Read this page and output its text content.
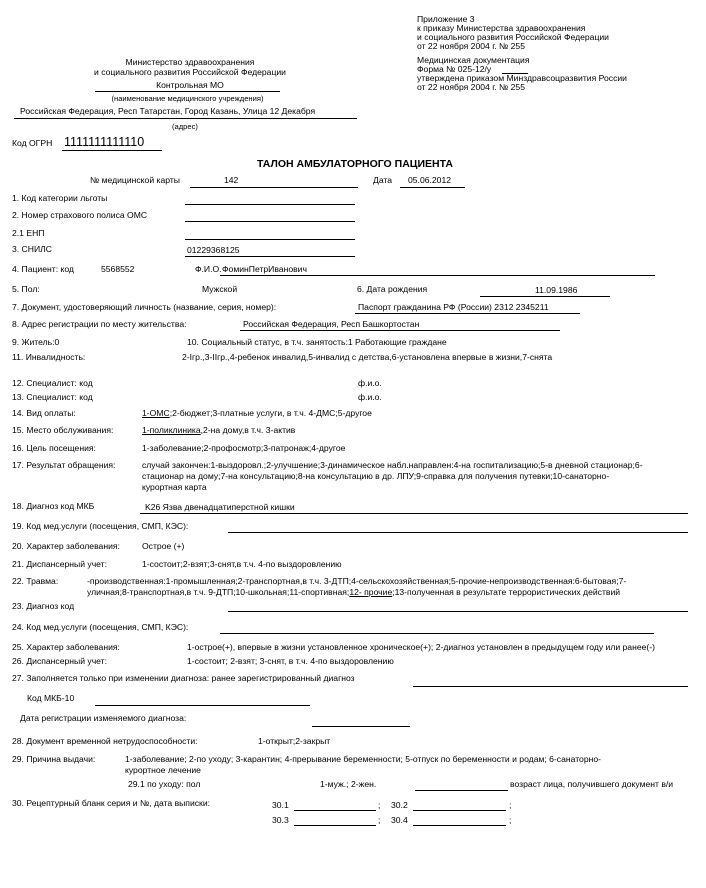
Приложение 3
к приказу Министерства здравоохранения
и социального развития Российской Федерации
от 22 ноября 2004 г. № 255
Медицинская документация
Форма № 025-12/у
утверждена приказом Минздравсоцразвития России
от 22 ноября 2004 г. № 255
Министерство здравоохранения
и социального развития Российской Федерации
Контрольная МО
(наименование медицинского учреждения)
Российская Федерация, Респ Татарстан, Город Казань, Улица 12 Декабря
(адрес)
Код ОГРН 1111111111110
ТАЛОН АМБУЛАТОРНОГО ПАЦИЕНТА
№ медицинской карты	142	Дата 05.06.2012
1. Код категории льготы
2. Номер страхового полиса ОМС
2.1 ЕНП
3. СНИЛС	01229368125
4. Пациент: код	5568552	Ф.И.О. ФоминПетрИванович
5. Пол:	Мужской	6. Дата рождения	11.09.1986
7. Документ, удостоверяющий личность (название, серия, номер):	Паспорт гражданина РФ (России) 2312 2345211
8. Адрес регистрации по месту жительства:	Российская Федерация, Респ Башкортостан
9. Житель:0	10. Социальный статус, в т.ч. занятость:1 Работающие граждане
11. Инвалидность:	2-Iгр.,3-IIгр.,4-ребенок инвалид,5-инвалид с детства,6-установлена впервые в жизни,7-снята
12. Специалист: код	ф.и.о.
13. Специалист: код	ф.и.о.
14. Вид оплаты:	1-ОМС;2-бюджет;3-платные услуги, в т.ч. 4-ДМС;5-другое
15. Место обслуживания:	1-поликлиника,2-на дому,в т.ч. 3-актив
16. Цель посещения:	1-заболевание;2-профосмотр;3-патронаж;4-другое
17. Результат обращения:	случай закончен:1-выздоровл.;2-улучшение;3-динамическое набл.направлен:4-на госпитализацию;5-в дневной стационар;6-
стационар на дому;7-на консультацию;8-на консультацию в др. ЛПУ;9-справка для получения путевки;10-санаторно-
курортная карта
18. Диагноз код МКБ	K26 Язва двенадцатиперстной кишки
19. Код мед.услуги (посещения, СМП, КЭС):
20. Характер заболевания:	Острое (+)
21. Диспансерный учет:	1-состоит;2-взят;3-снят,в т.ч. 4-по выздоровлению
22. Травма:	-производственная:1-промышленная;2-транспортная,в т.ч. 3-ДТП;4-сельскохозяйственная;5-прочие-непроизводственная:6-бытовая;7-
уличная;8-транспортная,в т.ч. 9-ДТП;10-школьная;11-спортивная;12- прочие;13-полученная в результате террористических действий
23. Диагноз код
24. Код мед.услуги (посещения, СМП, КЭС):
25. Характер заболевания:	1-острое(+), впервые в жизни установленное хроническое(+); 2-диагноз установлен в предыдущем году или ранее(-)
26. Диспансерный учет:	1-состоит; 2-взят; 3-снят, в т.ч. 4-по выздоровлению
27. Заполняется только при изменении диагноза: ранее зарегистрированный диагноз
Код МКБ-10
Дата регистрации изменяемого диагноза:
28. Документ временной нетрудоспособности:	1-открыт;2-закрыт
29. Причина выдачи:	1-заболевание; 2-по уходу; 3-карантин; 4-прерывание беременности; 5-отпуск по беременности и родам; 6-санаторно-
курортное лечение
29.1 по уходу: пол	1-муж.; 2-жен.	возраст лица, получившего документ в/и
30. Рецептурный бланк серия и №, дата выписки:	30.1	; 30.2	;
30.3	; 30.4	;
